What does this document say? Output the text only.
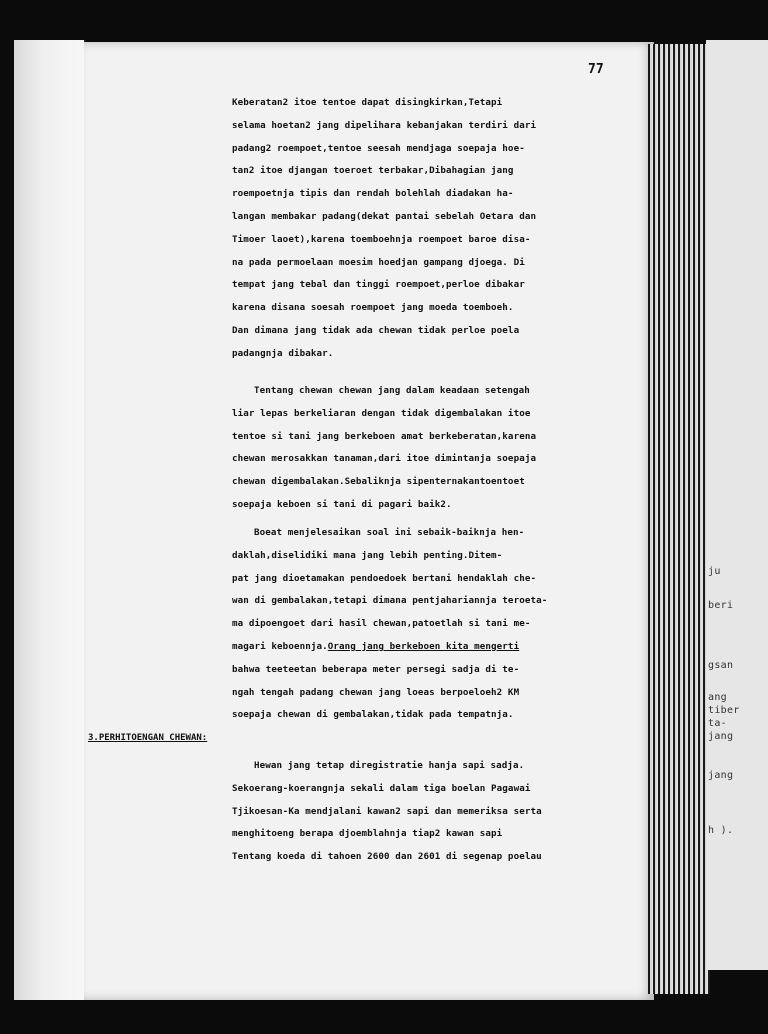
ju
beri
gsan
ang
tiber
ta-
jang
jang
h ).
77
Keberatan2 itoe tentoe dapat disingkirkan,Tetapi
selama hoetan2 jang dipelihara kebanjakan terdiri dari
padang2 roempoet,tentoe seesah mendjaga soepaja hoe-
tan2 itoe djangan toeroet terbakar,Dibahagian jang
roempoetnja tipis dan rendah bolehlah diadakan ha-
langan membakar padang(dekat pantai sebelah Oetara dan
Timoer laoet),karena toemboehnja roempoet baroe disa-
na pada permoelaan moesim hoedjan gampang djoega. Di
tempat jang tebal dan tinggi roempoet,perloe dibakar
karena disana soesah roempoet jang moeda toemboeh.
Dan dimana jang tidak ada chewan tidak perloe poela
padangnja dibakar.
Tentang chewan chewan jang dalam keadaan setengah
liar lepas berkeliaran dengan tidak digembalakan itoe
tentoe si tani jang berkeboen amat berkeberatan,karena
chewan merosakkan tanaman,dari itoe dimintanja soepaja
chewan digembalakan.Sebaliknja sipenternakantoentoet
soepaja keboen si tani di pagari baik2.
Boeat menjelesaikan soal ini sebaik-baiknja hen-
daklah,diselidiki mana jang lebih penting.Ditem-
pat jang dioetamakan pendoedoek bertani hendaklah che-
wan di gembalakan,tetapi dimana pentjahariannja teroeta-
ma dipoengoet dari hasil chewan,patoetlah si tani me-
magari keboennja.Orang jang berkeboen kita mengerti
bahwa teeteetan beberapa meter persegi sadja di te-
ngah tengah padang chewan jang loeas berpoeloeh2 KM
soepaja chewan di gembalakan,tidak pada tempatnja.
3.PERHITOENGAN CHEWAN:
Hewan jang tetap diregistratie hanja sapi sadja.
Sekoerang-koerangnja sekali dalam tiga boelan Pagawai
Tjikoesan-Ka mendjalani kawan2 sapi dan memeriksa serta
menghitoeng berapa djoemblahnja tiap2 kawan sapi
Tentang koeda di tahoen 2600 dan 2601 di segenap poelau
